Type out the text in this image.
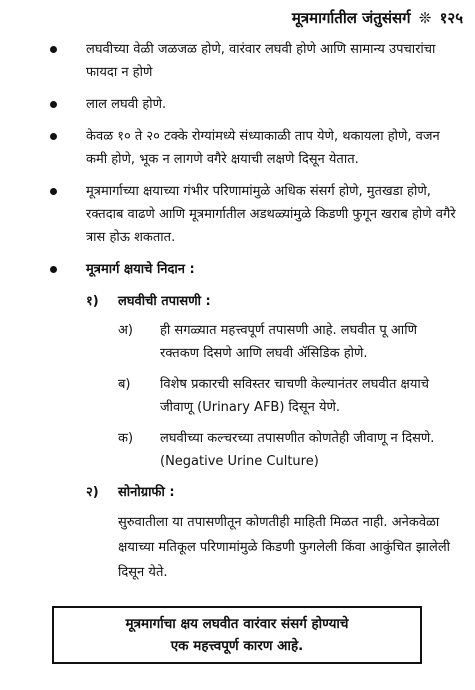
मूत्रमार्गातील जंतुसंसर्ग ❊ १२५
लघवीच्या वेळी जळजळ होणे, वारंवार लघवी होणे आणि सामान्य उपचारांचा फायदा न होणे
लाल लघवी होणे.
केवळ १० ते २० टक्के रोग्यांमध्ये संध्याकाळी ताप येणे, थकायला होणे, वजन कमी होणे, भूक न लागणे वगैरे क्षयाची लक्षणे दिसून येतात.
मूत्रमार्गाच्या क्षयाच्या गंभीर परिणामांमुळे अधिक संसर्ग होणे, मुतखडा होणे, रक्तदाब वाढणे आणि मूत्रमार्गातील अडथळ्यांमुळे किडणी फुगून खराब होणे वगैरे त्रास होऊ शकतात.
मूत्रमार्ग क्षयाचे निदान :
१) लघवीची तपासणी :
अ) ही सगळ्यात महत्त्वपूर्ण तपासणी आहे. लघवीत पू आणि रक्तकण दिसणे आणि लघवी ॲसिडिक होणे.
ब) विशेष प्रकारची सविस्तर चाचणी केल्यानंतर लघवीत क्षयाचे जीवाणू (Urinary AFB) दिसून येणे.
क) लघवीच्या कल्चरच्या तपासणीत कोणतेही जीवाणू न दिसणे. (Negative Urine Culture)
२) सोनोग्राफी :
सुरुवातीला या तपासणीतून कोणतीही माहिती मिळत नाही. अनेकवेळा क्षयाच्या मतिकूल परिणामांमुळे किडणी फुगलेली किंवा आकुंचित झालेली दिसून येते.
मूत्रमार्गाचा क्षय लघवीत वारंवार संसर्ग होण्याचे
एक महत्त्वपूर्ण कारण आहे.
